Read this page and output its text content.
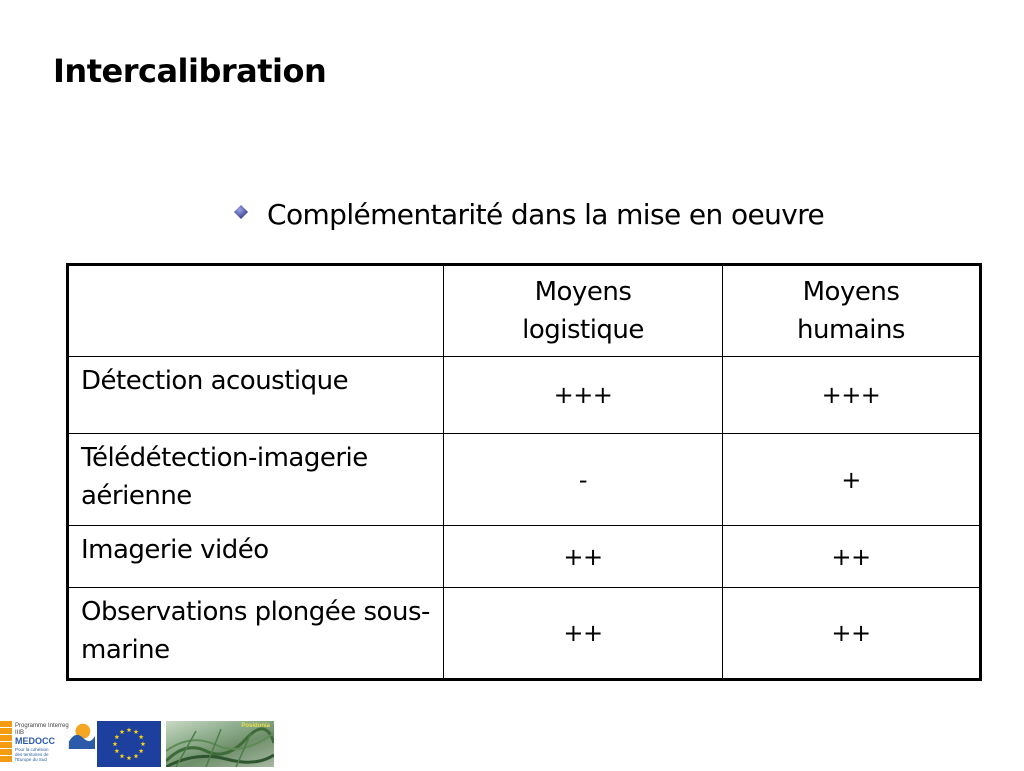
Intercalibration
Complémentarité dans la mise en oeuvre
	Moyens logistique	Moyens humains
Détection acoustique	+++	+++
Télédétection-imagerie aérienne	-	+
Imagerie vidéo	++	++
Observations plongée sous-marine	++	++
Programme Interreg IIIB
MEDOCC
Pour la cohésion des territoires de l'Europe du Sud
Posidonia
